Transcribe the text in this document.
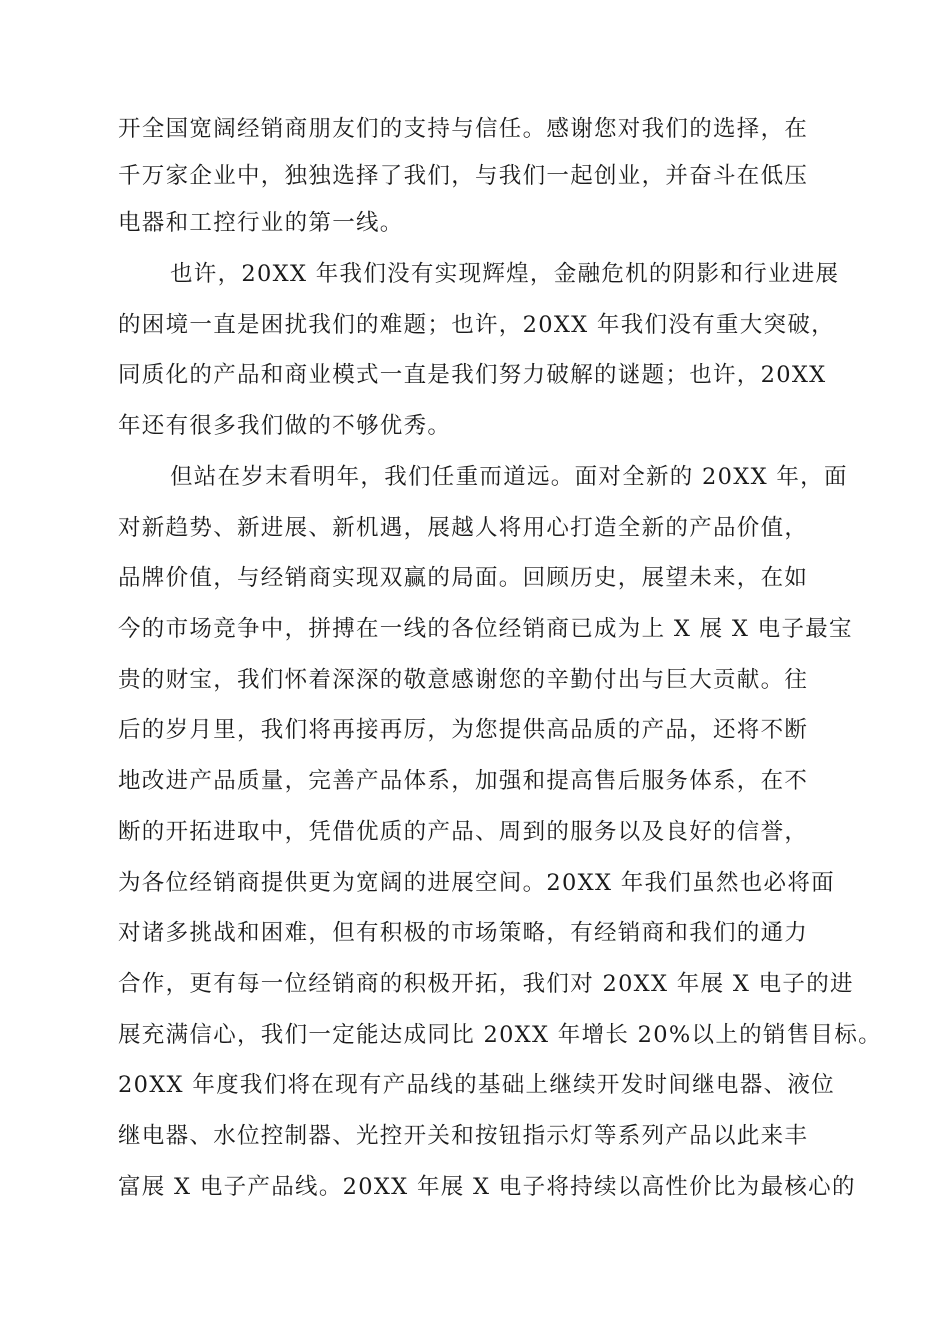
开全国宽阔经销商朋友们的支持与信任。感谢您对我们的选择，在
千万家企业中，独独选择了我们，与我们一起创业，并奋斗在低压
电器和工控行业的第一线。
也许，20XX 年我们没有实现辉煌，金融危机的阴影和行业进展
的困境一直是困扰我们的难题；也许，20XX 年我们没有重大突破，
同质化的产品和商业模式一直是我们努力破解的谜题；也许，20XX
年还有很多我们做的不够优秀。
但站在岁末看明年，我们任重而道远。面对全新的 20XX 年，面
对新趋势、新进展、新机遇，展越人将用心打造全新的产品价值，
品牌价值，与经销商实现双赢的局面。回顾历史，展望未来，在如
今的市场竞争中，拼搏在一线的各位经销商已成为上 X 展 X 电子最宝
贵的财宝，我们怀着深深的敬意感谢您的辛勤付出与巨大贡献。往
后的岁月里，我们将再接再厉，为您提供高品质的产品，还将不断
地改进产品质量，完善产品体系，加强和提高售后服务体系，在不
断的开拓进取中，凭借优质的产品、周到的服务以及良好的信誉，
为各位经销商提供更为宽阔的进展空间。20XX 年我们虽然也必将面
对诸多挑战和困难，但有积极的市场策略，有经销商和我们的通力
合作，更有每一位经销商的积极开拓，我们对 20XX 年展 X 电子的进
展充满信心，我们一定能达成同比 20XX 年增长 20%以上的销售目标。
20XX 年度我们将在现有产品线的基础上继续开发时间继电器、液位
继电器、水位控制器、光控开关和按钮指示灯等系列产品以此来丰
富展 X 电子产品线。20XX 年展 X 电子将持续以高性价比为最核心的
